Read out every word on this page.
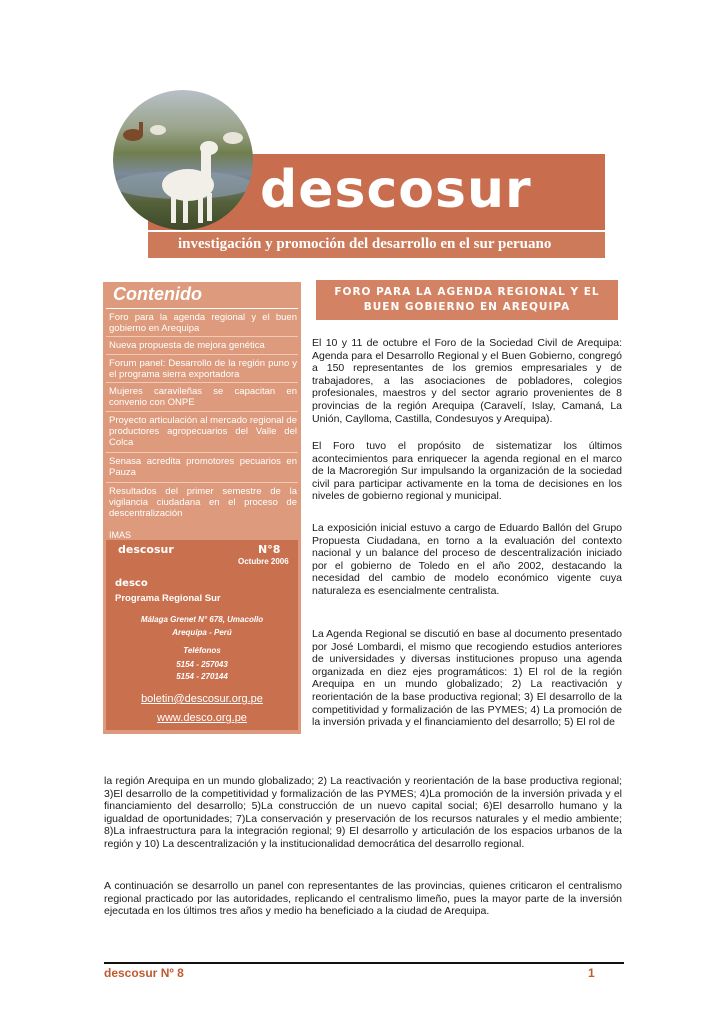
descosur
investigación y promoción del desarrollo en el sur peruano
Contenido
Foro para la agenda regional y el buen gobierno en Arequipa
Nueva propuesta de mejora genética
Forum panel: Desarrollo de la región puno y el programa sierra exportadora
Mujeres caravileñas se capacitan en convenio con ONPE
Proyecto articulación al mercado regional de productores agropecuarios del Valle del Colca
Senasa acredita promotores pecuarios en Pauza
Resultados del primer semestre de la vigilancia ciudadana en el proceso de descentralización
IMAS
descosur	N°8
Octubre 2006
desco
Programa Regional Sur
Málaga Grenet N° 678, Umacollo
Arequipa - Perú
Teléfonos
5154 - 257043
5154 - 270144
boletin@descosur.org.pe
www.desco.org.pe
FORO PARA LA AGENDA REGIONAL Y EL BUEN GOBIERNO EN AREQUIPA
El 10 y 11 de octubre el Foro de la Sociedad Civil de Arequipa: Agenda para el Desarrollo Regional y el Buen Gobierno, congregó a 150 representantes de los gremios empresariales y de trabajadores, a las asociaciones de pobladores, colegios profesionales, maestros y del sector agrario provenientes de 8 provincias de la región Arequipa (Caravelí, Islay, Camaná, La Unión, Caylloma, Castilla, Condesuyos y Arequipa).
El Foro tuvo el propósito de sistematizar los últimos acontecimientos para enriquecer la agenda regional en el marco de la Macroregión Sur impulsando la organización de la sociedad civil para participar activamente en la toma de decisiones en los niveles de gobierno regional y municipal.
La exposición inicial estuvo a cargo de Eduardo Ballón del Grupo Propuesta Ciudadana, en torno a la evaluación del contexto nacional y un balance del proceso de descentralización iniciado por el gobierno de Toledo en el año 2002, destacando la necesidad del cambio de modelo económico vigente cuya naturaleza es esencialmente centralista.
La Agenda Regional se discutió en base al documento presentado por José Lombardi, el mismo que recogiendo estudios anteriores de universidades y diversas instituciones propuso una agenda organizada en diez ejes programáticos: 1) El rol de la región Arequipa en un mundo globalizado; 2) La reactivación y reorientación de la base productiva regional; 3) El desarrollo de la competitividad y formalización de las PYMES; 4) La promoción de la inversión privada y el financiamiento del desarrollo; 5) El rol de
la región Arequipa en un mundo globalizado; 2) La reactivación y reorientación de la base productiva regional; 3)El desarrollo de la competitividad y formalización de las PYMES; 4)La promoción de la inversión privada y el financiamiento del desarrollo; 5)La construcción de un nuevo capital social; 6)El desarrollo humano y la igualdad de oportunidades; 7)La conservación y preservación de los recursos naturales y el medio ambiente; 8)La infraestructura para la integración regional; 9) El desarrollo y articulación de los espacios urbanos de la región y 10) La descentralización y la institucionalidad democrática del desarrollo regional.
A continuación se desarrollo un panel con representantes de las provincias, quienes criticaron el centralismo regional practicado por las autoridades, replicando el centralismo limeño, pues la mayor parte de la inversión ejecutada en los últimos tres años y medio ha beneficiado a la ciudad de Arequipa.
descosur Nº 8	1
